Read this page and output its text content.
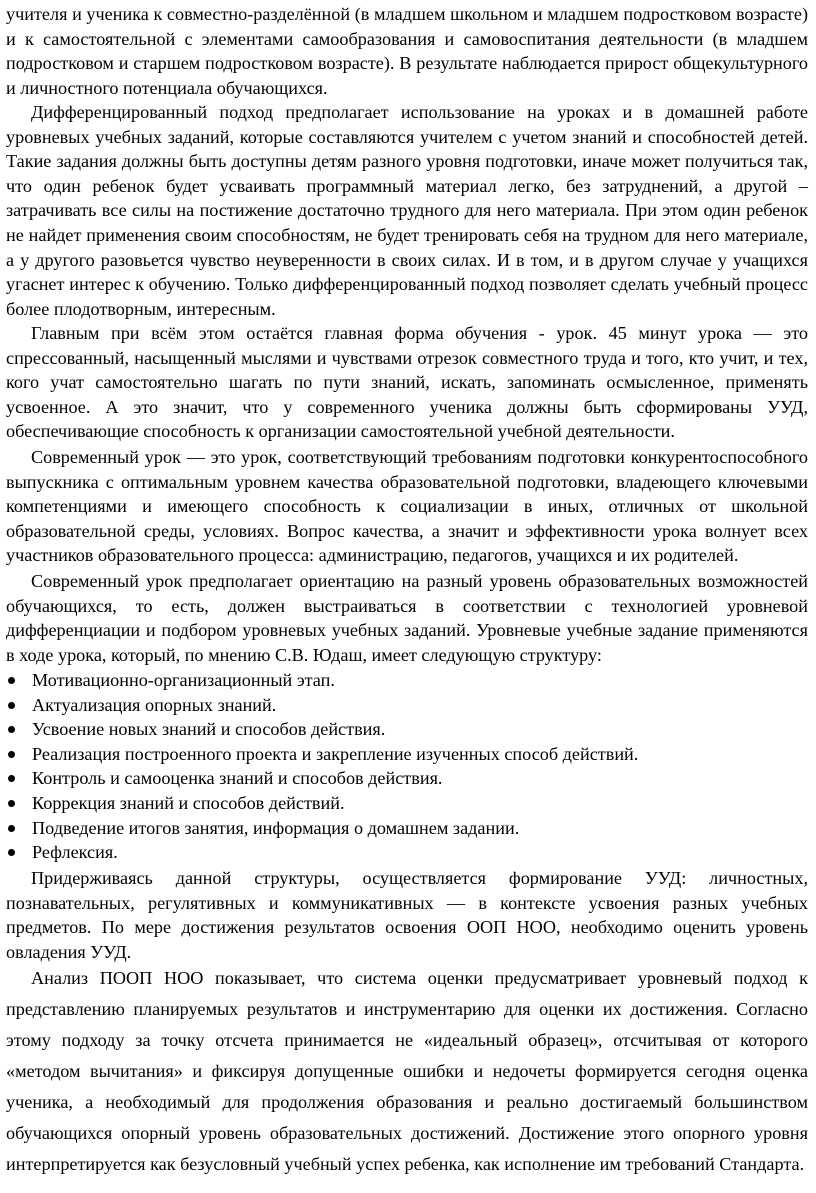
учителя и ученика к совместно-разделённой (в младшем школьном и младшем подростковом возрасте) и к самостоятельной с элементами самообразования и самовоспитания деятельности (в младшем подростковом и старшем подростковом возрасте). В результате наблюдается прирост общекультурного и личностного потенциала обучающихся.

Дифференцированный подход предполагает использование на уроках и в домашней работе уровневых учебных заданий, которые составляются учителем с учетом знаний и способностей детей. Такие задания должны быть доступны детям разного уровня подготовки, иначе может получиться так, что один ребенок будет усваивать программный материал легко, без затруднений, а другой – затрачивать все силы на постижение достаточно трудного для него материала. При этом один ребенок не найдет применения своим способностям, не будет тренировать себя на трудном для него материале, а у другого разовьется чувство неуверенности в своих силах. И в том, и в другом случае у учащихся угаснет интерес к обучению. Только дифференцированный подход позволяет сделать учебный процесс более плодотворным, интересным.

Главным при всём этом остаётся главная форма обучения - урок. 45 минут урока — это спрессованный, насыщенный мыслями и чувствами отрезок совместного труда и того, кто учит, и тех, кого учат самостоятельно шагать по пути знаний, искать, запоминать осмысленное, применять усвоенное. А это значит, что у современного ученика должны быть сформированы УУД, обеспечивающие способность к организации самостоятельной учебной деятельности.

Современный урок — это урок, соответствующий требованиям подготовки конкурентоспособного выпускника с оптимальным уровнем качества образовательной подготовки, владеющего ключевыми компетенциями и имеющего способность к социализации в иных, отличных от школьной образовательной среды, условиях. Вопрос качества, а значит и эффективности урока волнует всех участников образовательного процесса: администрацию, педагогов, учащихся и их родителей.

Современный урок предполагает ориентацию на разный уровень образовательных возможностей обучающихся, то есть, должен выстраиваться в соответствии с технологией уровневой дифференциации и подбором уровневых учебных заданий. Уровневые учебные задание применяются в ходе урока, который, по мнению С.В. Юдаш, имеет следующую структуру:

Мотивационно-организационный этап.
Актуализация опорных знаний.
Усвоение новых знаний и способов действия.
Реализация построенного проекта и закрепление изученных способ действий.
Контроль и самооценка знаний и способов действия.
Коррекция знаний и способов действий.
Подведение итогов занятия, информация о домашнем задании.
Рефлексия.

Придерживаясь данной структуры, осуществляется формирование УУД: личностных, познавательных, регулятивных и коммуникативных — в контексте усвоения разных учебных предметов. По мере достижения результатов освоения ООП НОО, необходимо оценить уровень овладения УУД.

Анализ ПООП НОО показывает, что система оценки предусматривает уровневый подход к представлению планируемых результатов и инструментарию для оценки их достижения. Согласно этому подходу за точку отсчета принимается не «идеальный образец», отсчитывая от которого «методом вычитания» и фиксируя допущенные ошибки и недочеты формируется сегодня оценка ученика, а необходимый для продолжения образования и реально достигаемый большинством обучающихся опорный уровень образовательных достижений. Достижение этого опорного уровня интерпретируется как безусловный учебный успех ребенка, как исполнение им требований Стандарта.
